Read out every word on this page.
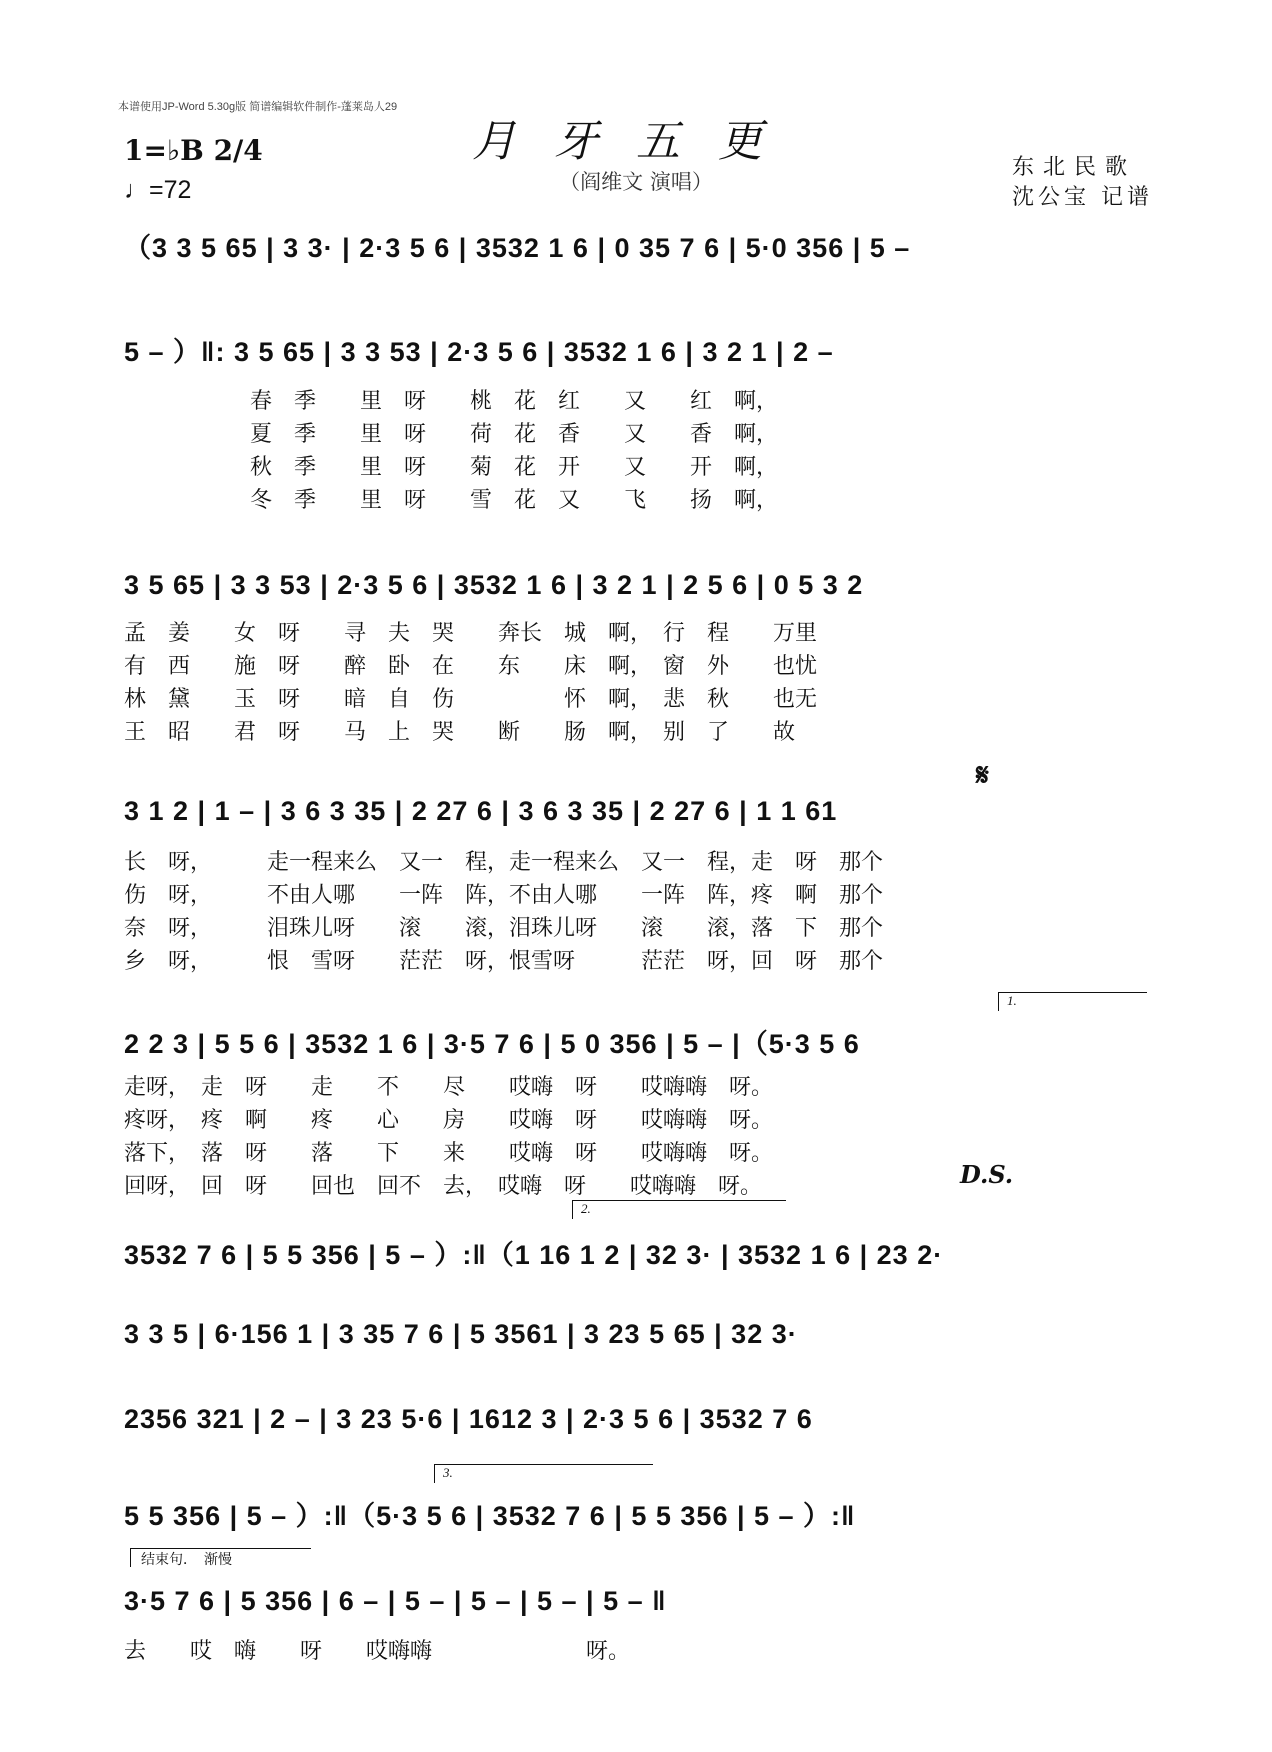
本谱使用JP-Word 5.30g版 简谱编辑软件制作-蓬莱岛人29
月牙五更
（阎维文 演唱）
1=♭B 2/4
♩=72
东北民歌
沈公宝 记谱
（3 3 5 65 | 3 3· | 2·3 5 6 | 3532 1 6 | 0 35 7 6 | 5·0 356 | 5 –
5 – ）‖: 3 5 65 | 3 3 53 | 2·3 5 6 | 3532 1 6 | 3 2 1 | 2 –
春　季　　里　呀　　桃　花　红　　又　　红　啊，
夏　季　　里　呀　　荷　花　香　　又　　香　啊，
秋　季　　里　呀　　菊　花　开　　又　　开　啊，
冬　季　　里　呀　　雪　花　又　　飞　　扬　啊，
3 5 65 | 3 3 53 | 2·3 5 6 | 3532 1 6 | 3 2 1 | 2 5 6 | 0 5 3 2
孟　姜　　女　呀　　寻　夫　哭　　奔长　城　啊，　行　程　　万里
有　西　　施　呀　　醉　卧　在　　东　　床　啊，　窗　外　　也忧
林　黛　　玉　呀　　暗　自　伤　　　　　怀　啊，　悲　秋　　也无
王　昭　　君　呀　　马　上　哭　　断　　肠　啊，　别　了　　故
𝄋
3 1 2 | 1 – | 3 6 3 35 | 2 27 6 | 3 6 3 35 | 2 27 6 | 1 1 61
长　呀，　　　走一程来么　又一　程，走一程来么　又一　程，走　呀　那个
伤　呀，　　　不由人哪　　一阵　阵，不由人哪　　一阵　阵，疼　啊　那个
奈　呀，　　　泪珠儿呀　　滚　　滚，泪珠儿呀　　滚　　滚，落　下　那个
乡　呀，　　　恨　雪呀　　茫茫　呀，恨雪呀　　　茫茫　呀，回　呀　那个
1.
2 2 3 | 5 5 6 | 3532 1 6 | 3·5 7 6 | 5 0 356 | 5 – |（5·3 5 6
走呀，　走　呀　　走　　不　　尽　　哎嗨　呀　　哎嗨嗨　呀。
疼呀，　疼　啊　　疼　　心　　房　　哎嗨　呀　　哎嗨嗨　呀。
落下，　落　呀　　落　　下　　来　　哎嗨　呀　　哎嗨嗨　呀。
回呀，　回　呀　　回也　回不　去，　哎嗨　呀　　哎嗨嗨　呀。	D.S.
2.
3532 7 6 | 5 5 356 | 5 – ）:‖（1 16 1 2 | 32 3· | 3532 1 6 | 23 2·
3 3 5 | 6·156 1 | 3 35 7 6 | 5 3561 | 3 23 5 65 | 32 3·
2356 321 | 2 – | 3 23 5·6 | 1612 3 | 2·3 5 6 | 3532 7 6
3.
5 5 356 | 5 – ）:‖（5·3 5 6 | 3532 7 6 | 5 5 356 | 5 – ）:‖
结束句．　渐慢
3·5 7 6 | 5 356 | 6 – | 5 – | 5 – | 5 – | 5 – ‖
去　　哎　嗨　　呀　　哎嗨嗨　　　　　　　呀。
